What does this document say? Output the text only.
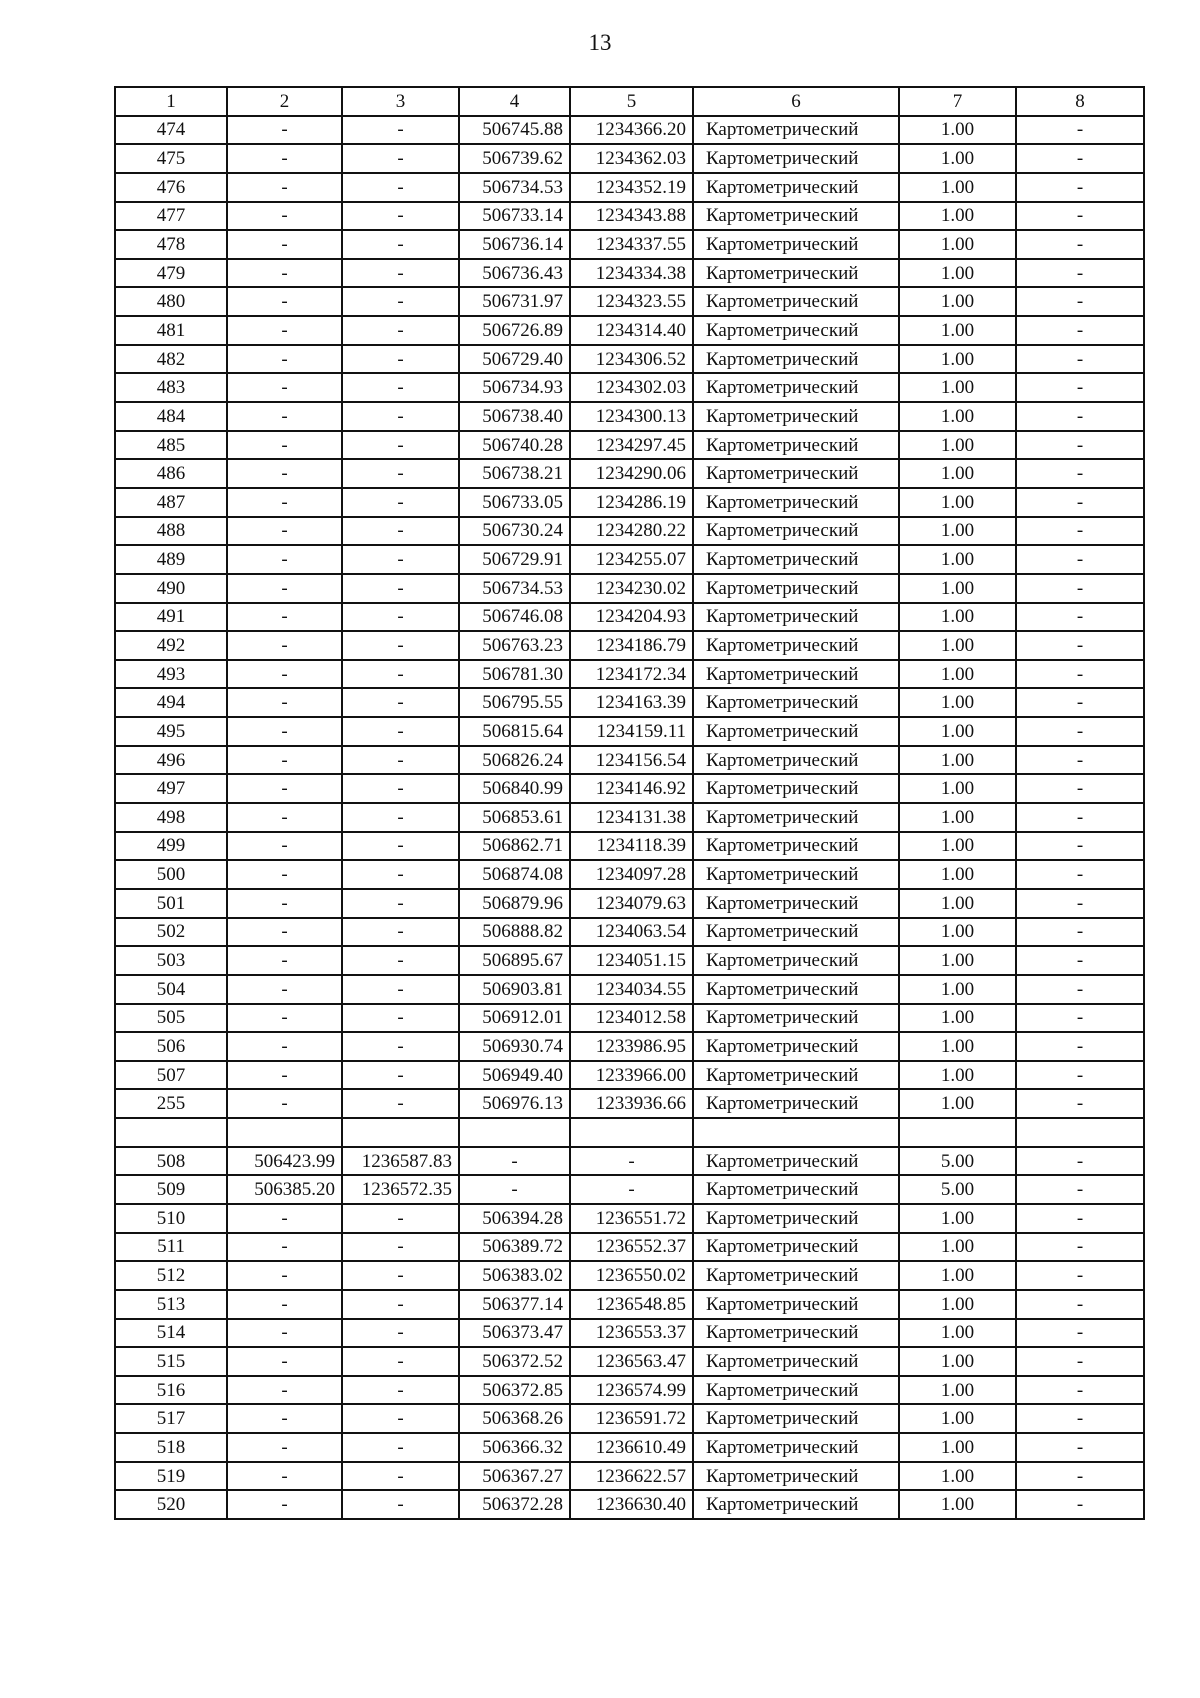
13
1	2	3	4	5	6	7	8
474	-	-	506745.88	1234366.20	Картометрический	1.00	-
475	-	-	506739.62	1234362.03	Картометрический	1.00	-
476	-	-	506734.53	1234352.19	Картометрический	1.00	-
477	-	-	506733.14	1234343.88	Картометрический	1.00	-
478	-	-	506736.14	1234337.55	Картометрический	1.00	-
479	-	-	506736.43	1234334.38	Картометрический	1.00	-
480	-	-	506731.97	1234323.55	Картометрический	1.00	-
481	-	-	506726.89	1234314.40	Картометрический	1.00	-
482	-	-	506729.40	1234306.52	Картометрический	1.00	-
483	-	-	506734.93	1234302.03	Картометрический	1.00	-
484	-	-	506738.40	1234300.13	Картометрический	1.00	-
485	-	-	506740.28	1234297.45	Картометрический	1.00	-
486	-	-	506738.21	1234290.06	Картометрический	1.00	-
487	-	-	506733.05	1234286.19	Картометрический	1.00	-
488	-	-	506730.24	1234280.22	Картометрический	1.00	-
489	-	-	506729.91	1234255.07	Картометрический	1.00	-
490	-	-	506734.53	1234230.02	Картометрический	1.00	-
491	-	-	506746.08	1234204.93	Картометрический	1.00	-
492	-	-	506763.23	1234186.79	Картометрический	1.00	-
493	-	-	506781.30	1234172.34	Картометрический	1.00	-
494	-	-	506795.55	1234163.39	Картометрический	1.00	-
495	-	-	506815.64	1234159.11	Картометрический	1.00	-
496	-	-	506826.24	1234156.54	Картометрический	1.00	-
497	-	-	506840.99	1234146.92	Картометрический	1.00	-
498	-	-	506853.61	1234131.38	Картометрический	1.00	-
499	-	-	506862.71	1234118.39	Картометрический	1.00	-
500	-	-	506874.08	1234097.28	Картометрический	1.00	-
501	-	-	506879.96	1234079.63	Картометрический	1.00	-
502	-	-	506888.82	1234063.54	Картометрический	1.00	-
503	-	-	506895.67	1234051.15	Картометрический	1.00	-
504	-	-	506903.81	1234034.55	Картометрический	1.00	-
505	-	-	506912.01	1234012.58	Картометрический	1.00	-
506	-	-	506930.74	1233986.95	Картометрический	1.00	-
507	-	-	506949.40	1233966.00	Картометрический	1.00	-
255	-	-	506976.13	1233936.66	Картометрический	1.00	-

508	506423.99	1236587.83	-	-	Картометрический	5.00	-
509	506385.20	1236572.35	-	-	Картометрический	5.00	-
510	-	-	506394.28	1236551.72	Картометрический	1.00	-
511	-	-	506389.72	1236552.37	Картометрический	1.00	-
512	-	-	506383.02	1236550.02	Картометрический	1.00	-
513	-	-	506377.14	1236548.85	Картометрический	1.00	-
514	-	-	506373.47	1236553.37	Картометрический	1.00	-
515	-	-	506372.52	1236563.47	Картометрический	1.00	-
516	-	-	506372.85	1236574.99	Картометрический	1.00	-
517	-	-	506368.26	1236591.72	Картометрический	1.00	-
518	-	-	506366.32	1236610.49	Картометрический	1.00	-
519	-	-	506367.27	1236622.57	Картометрический	1.00	-
520	-	-	506372.28	1236630.40	Картометрический	1.00	-
